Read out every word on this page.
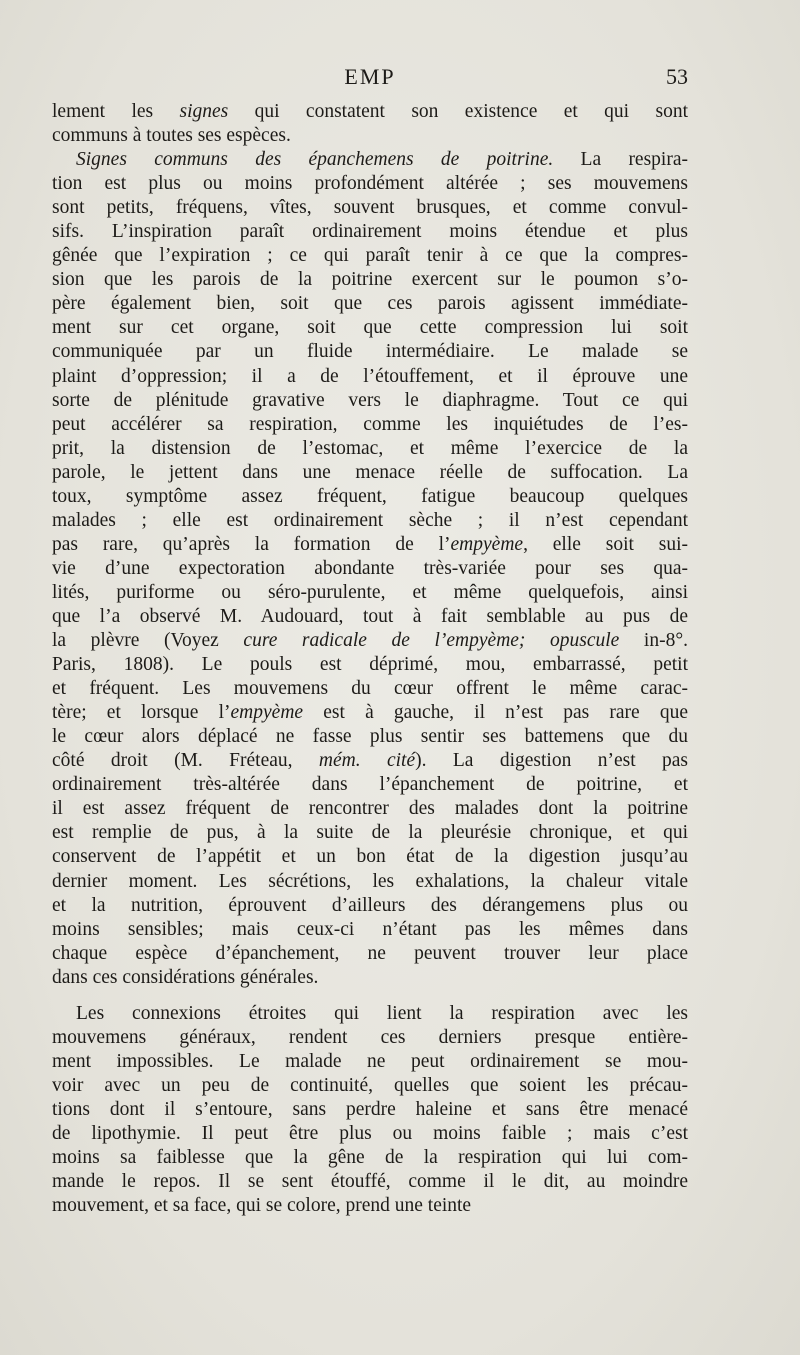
EMP	53
lement les signes qui constatent son existence et qui sont
communs à toutes ses espèces.
Signes communs des épanchemens de poitrine. La respira-
tion est plus ou moins profondément altérée ; ses mouvemens
sont petits, fréquens, vîtes, souvent brusques, et comme convul-
sifs. L’inspiration paraît ordinairement moins étendue et plus
gênée que l’expiration ; ce qui paraît tenir à ce que la compres-
sion que les parois de la poitrine exercent sur le poumon s’o-
père également bien, soit que ces parois agissent immédiate-
ment sur cet organe, soit que cette compression lui soit
communiquée par un fluide intermédiaire. Le malade se
plaint d’oppression; il a de l’étouffement, et il éprouve une
sorte de plénitude gravative vers le diaphragme. Tout ce qui
peut accélérer sa respiration, comme les inquiétudes de l’es-
prit, la distension de l’estomac, et même l’exercice de la
parole, le jettent dans une menace réelle de suffocation. La
toux, symptôme assez fréquent, fatigue beaucoup quelques
malades ; elle est ordinairement sèche ; il n’est cependant
pas rare, qu’après la formation de l’empyème, elle soit sui-
vie d’une expectoration abondante très-variée pour ses qua-
lités, puriforme ou séro-purulente, et même quelquefois, ainsi
que l’a observé M. Audouard, tout à fait semblable au pus de
la plèvre (Voyez cure radicale de l’empyème; opuscule in-8°.
Paris, 1808). Le pouls est déprimé, mou, embarrassé, petit
et fréquent. Les mouvemens du cœur offrent le même carac-
tère; et lorsque l’empyème est à gauche, il n’est pas rare que
le cœur alors déplacé ne fasse plus sentir ses battemens que du
côté droit (M. Fréteau, mém. cité). La digestion n’est pas
ordinairement très-altérée dans l’épanchement de poitrine, et
il est assez fréquent de rencontrer des malades dont la poitrine
est remplie de pus, à la suite de la pleurésie chronique, et qui
conservent de l’appétit et un bon état de la digestion jusqu’au
dernier moment. Les sécrétions, les exhalations, la chaleur vitale
et la nutrition, éprouvent d’ailleurs des dérangemens plus ou
moins sensibles; mais ceux-ci n’étant pas les mêmes dans
chaque espèce d’épanchement, ne peuvent trouver leur place
dans ces considérations générales.
Les connexions étroites qui lient la respiration avec les
mouvemens généraux, rendent ces derniers presque entière-
ment impossibles. Le malade ne peut ordinairement se mou-
voir avec un peu de continuité, quelles que soient les précau-
tions dont il s’entoure, sans perdre haleine et sans être menacé
de lipothymie. Il peut être plus ou moins faible ; mais c’est
moins sa faiblesse que la gêne de la respiration qui lui com-
mande le repos. Il se sent étouffé, comme il le dit, au moindre
mouvement, et sa face, qui se colore, prend une teinte
